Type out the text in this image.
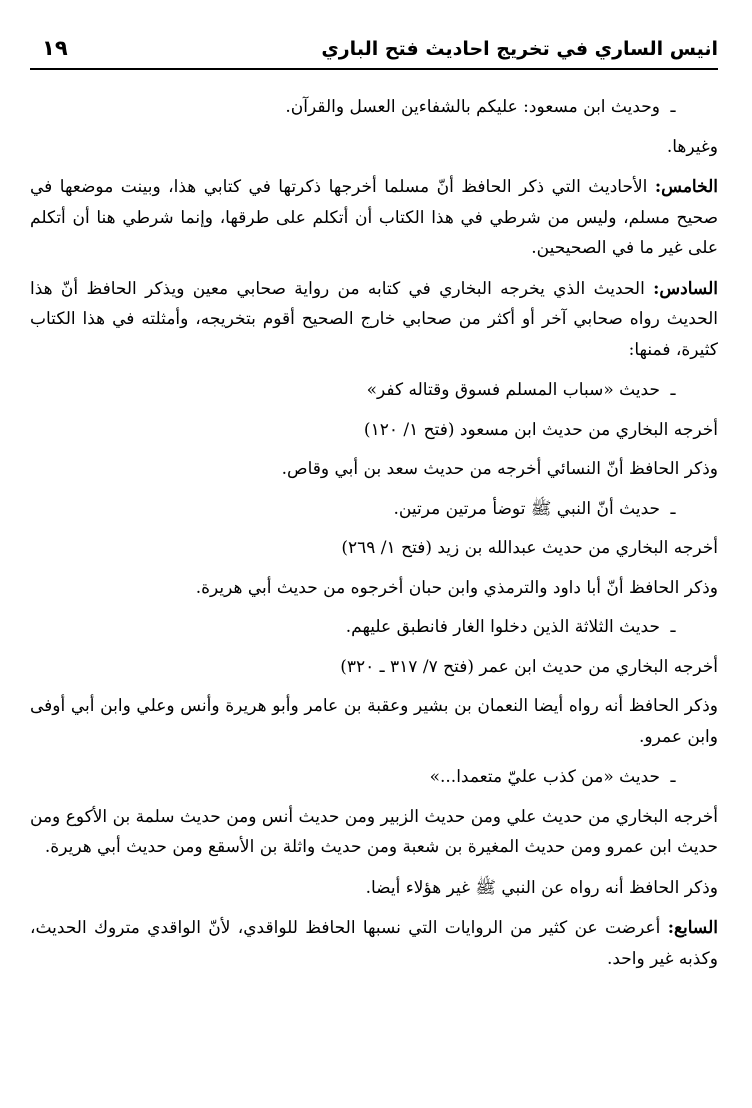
انيس الساري في تخريج احاديث فتح الباري
١٩
ـوحديث ابن مسعود: عليكم بالشفاءين العسل والقرآن.
وغيرها.
الخامس: الأحاديث التي ذكر الحافظ أنّ مسلما أخرجها ذكرتها في كتابي هذا، وبينت موضعها في صحيح مسلم، وليس من شرطي في هذا الكتاب أن أتكلم على طرقها، وإنما شرطي هنا أن أتكلم على غير ما في الصحيحين.
السادس: الحديث الذي يخرجه البخاري في كتابه من رواية صحابي معين ويذكر الحافظ أنّ هذا الحديث رواه صحابي آخر أو أكثر من صحابي خارج الصحيح أقوم بتخريجه، وأمثلته في هذا الكتاب كثيرة، فمنها:
ـحديث «سباب المسلم فسوق وقتاله كفر»
أخرجه البخاري من حديث ابن مسعود (فتح ١/ ١٢٠)
وذكر الحافظ أنّ النسائي أخرجه من حديث سعد بن أبي وقاص.
ـحديث أنّ النبي ﷺ توضأ مرتين مرتين.
أخرجه البخاري من حديث عبدالله بن زيد (فتح ١/ ٢٦٩)
وذكر الحافظ أنّ أبا داود والترمذي وابن حبان أخرجوه من حديث أبي هريرة.
ـحديث الثلاثة الذين دخلوا الغار فانطبق عليهم.
أخرجه البخاري من حديث ابن عمر (فتح ٧/ ٣١٧ ـ ٣٢٠)
وذكر الحافظ أنه رواه أيضا النعمان بن بشير وعقبة بن عامر وأبو هريرة وأنس وعلي وابن أبي أوفى وابن عمرو.
ـحديث «من كذب عليّ متعمدا...»
أخرجه البخاري من حديث علي ومن حديث الزبير ومن حديث أنس ومن حديث سلمة بن الأكوع ومن حديث ابن عمرو ومن حديث المغيرة بن شعبة ومن حديث واثلة بن الأسقع ومن حديث أبي هريرة.
وذكر الحافظ أنه رواه عن النبي ﷺ غير هؤلاء أيضا.
السابع: أعرضت عن كثير من الروايات التي نسبها الحافظ للواقدي، لأنّ الواقدي متروك الحديث، وكذبه غير واحد.
